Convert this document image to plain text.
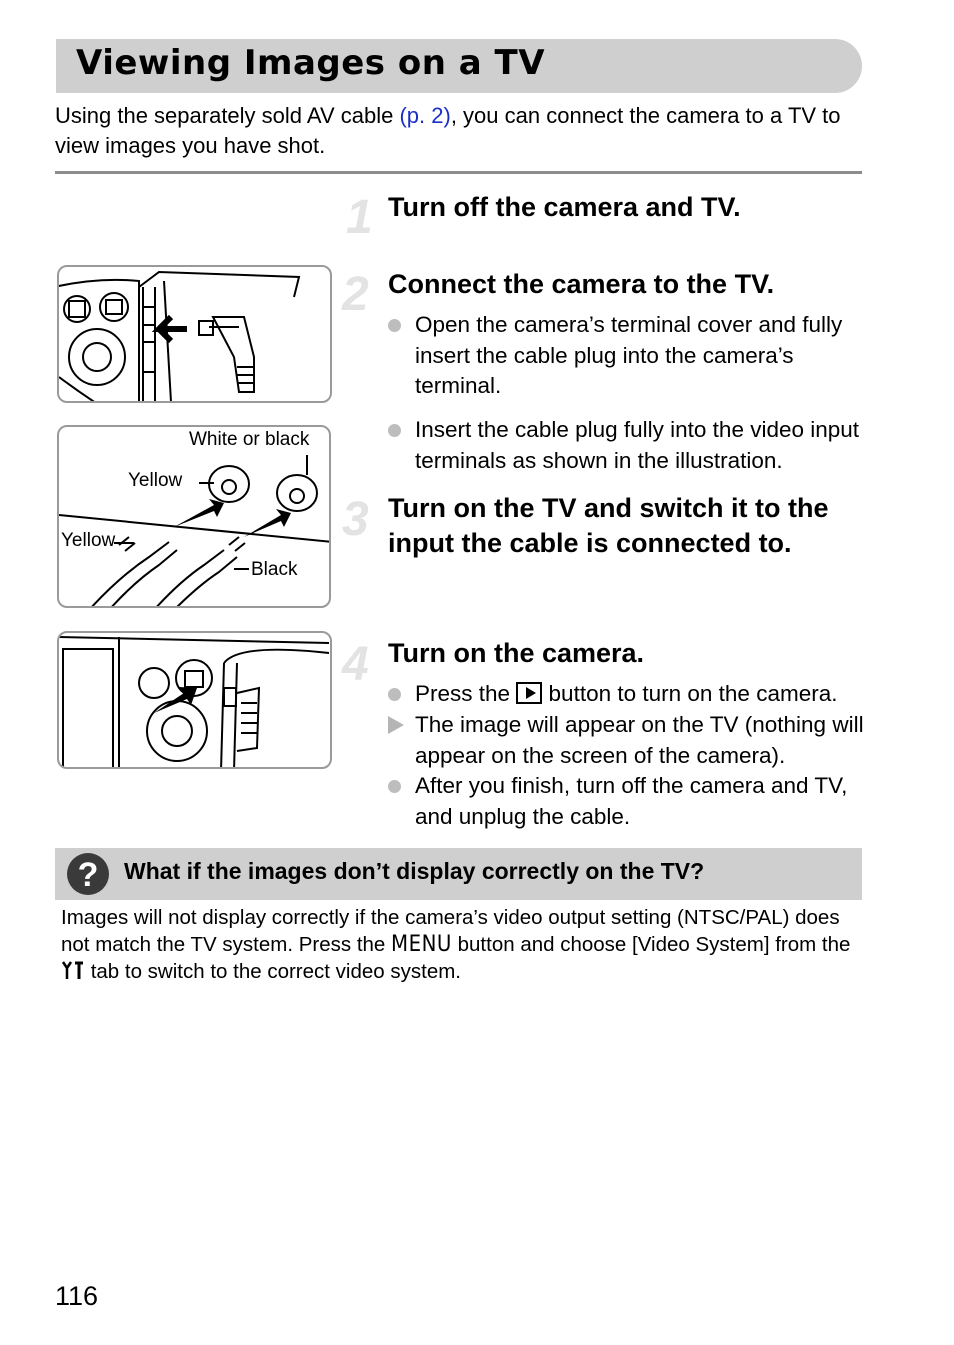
Viewing Images on a TV
Using the separately sold AV cable (p. 2), you can connect the camera to a TV to view images you have shot.
1 Turn off the camera and TV.
2 Connect the camera to the TV.
Open the camera’s terminal cover and fully insert the cable plug into the camera’s terminal.
Insert the cable plug fully into the video input terminals as shown in the illustration.
3 Turn on the TV and switch it to the
input the cable is connected to.
4 Turn on the camera.
Press the  button to turn on the camera.
The image will appear on the TV (nothing will appear on the screen of the camera).
After you finish, turn off the camera and TV, and unplug the cable.
White or black
Yellow
Yellow
Black
?	What if the images don’t display correctly on the TV?
Images will not display correctly if the camera’s video output setting (NTSC/PAL) does not match the TV system. Press the MENU button and choose [Video System] from the  tab to switch to the correct video system.
116
